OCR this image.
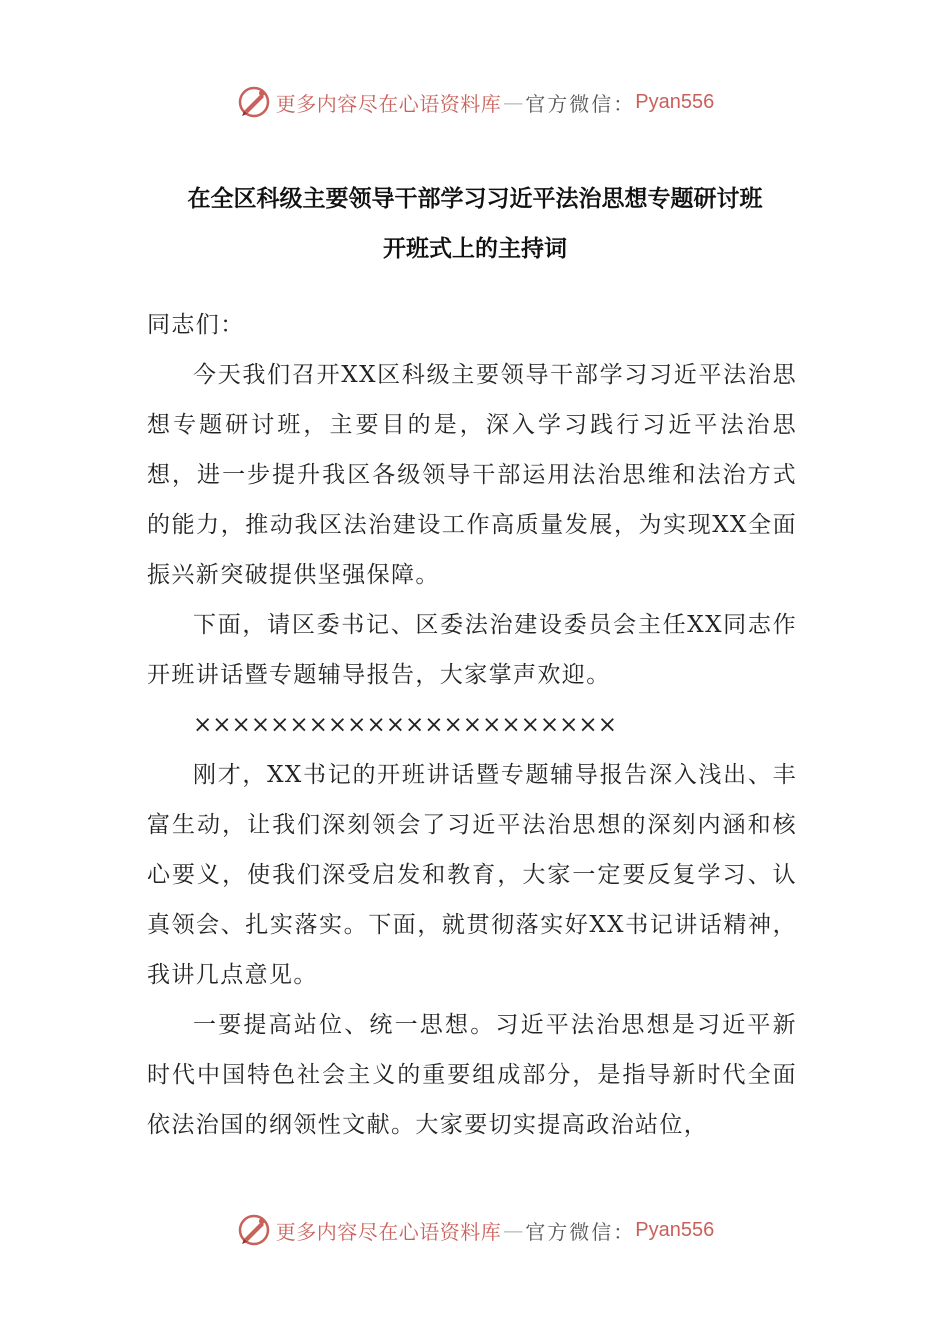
更多内容尽在心语资料库 — 官方微信： Pyan556
在全区科级主要领导干部学习习近平法治思想专题研讨班
开班式上的主持词

同志们：

今天我们召开XX区科级主要领导干部学习习近平法治思想专题研讨班，主要目的是，深入学习践行习近平法治思想，进一步提升我区各级领导干部运用法治思维和法治方式的能力，推动我区法治建设工作高质量发展，为实现XX全面振兴新突破提供坚强保障。

下面，请区委书记、区委法治建设委员会主任XX同志作开班讲话暨专题辅导报告，大家掌声欢迎。

××××××××××××××××××××××

刚才，XX书记的开班讲话暨专题辅导报告深入浅出、丰富生动，让我们深刻领会了习近平法治思想的深刻内涵和核心要义，使我们深受启发和教育，大家一定要反复学习、认真领会、扎实落实。下面，就贯彻落实好XX书记讲话精神，我讲几点意见。

一要提高站位、统一思想。习近平法治思想是习近平新时代中国特色社会主义的重要组成部分，是指导新时代全面依法治国的纲领性文献。大家要切实提高政治站位，

更多内容尽在心语资料库 — 官方微信： Pyan556
